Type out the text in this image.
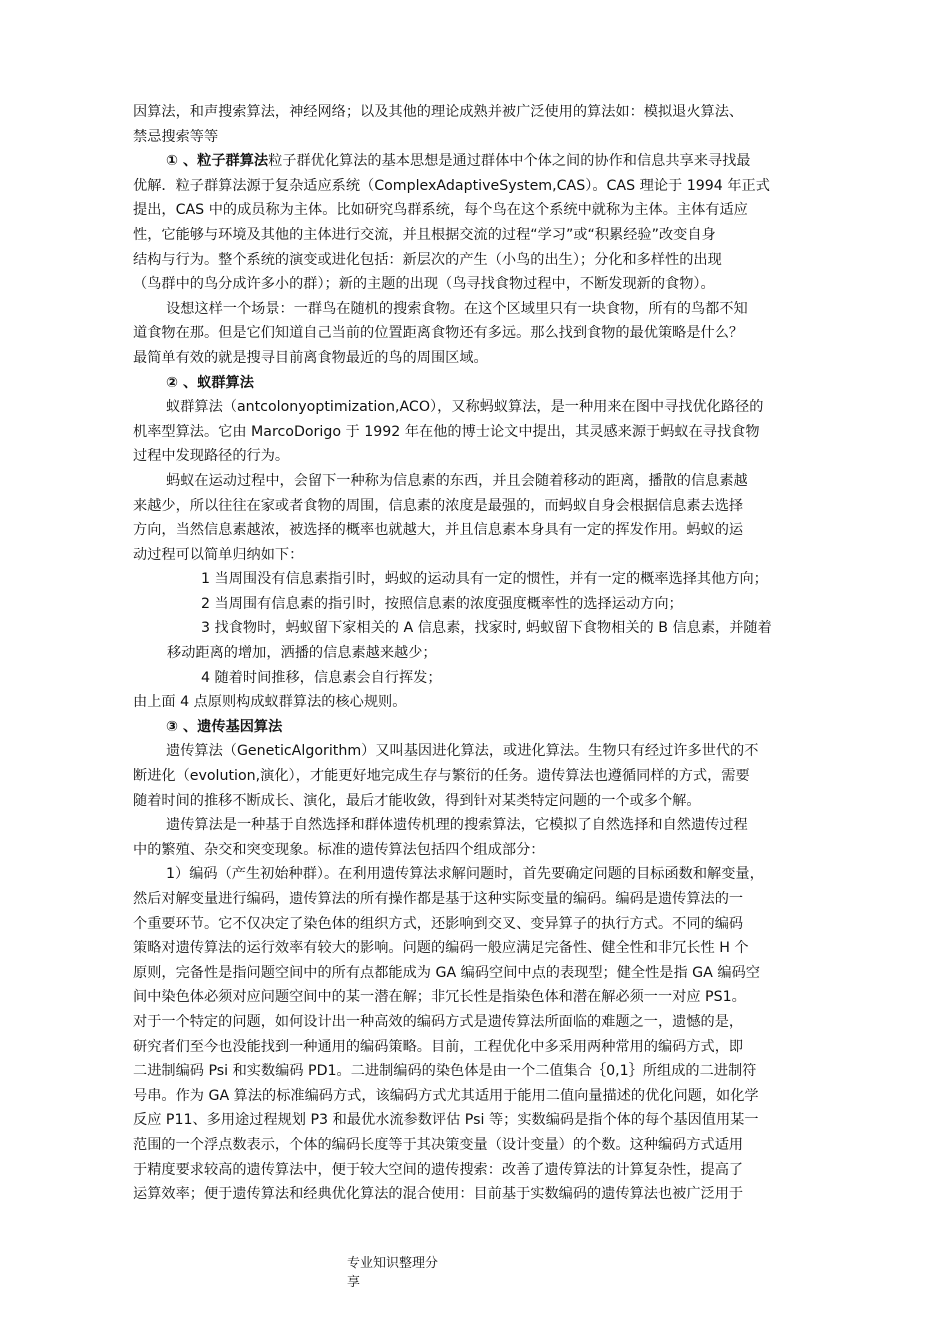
因算法，和声搜索算法，神经网络；以及其他的理论成熟并被广泛使用的算法如：模拟退火算法、
禁忌搜索等等
① 、粒子群算法粒子群优化算法的基本思想是通过群体中个体之间的协作和信息共享来寻找最
优解．粒子群算法源于复杂适应系统（ComplexAdaptiveSystem,CAS）。CAS 理论于 1994 年正式
提出，CAS 中的成员称为主体。比如研究鸟群系统，每个鸟在这个系统中就称为主体。主体有适应
性，它能够与环境及其他的主体进行交流，并且根据交流的过程“学习”或“积累经验”改变自身
结构与行为。整个系统的演变或进化包括：新层次的产生（小鸟的出生）；分化和多样性的出现
（鸟群中的鸟分成许多小的群）；新的主题的出现（鸟寻找食物过程中，不断发现新的食物）。
设想这样一个场景：一群鸟在随机的搜索食物。在这个区域里只有一块食物，所有的鸟都不知
道食物在那。但是它们知道自己当前的位置距离食物还有多远。那么找到食物的最优策略是什么？
最简单有效的就是搜寻目前离食物最近的鸟的周围区域。
② 、蚁群算法
蚁群算法（antcolonyoptimization,ACO），又称蚂蚁算法，是一种用来在图中寻找优化路径的
机率型算法。它由 MarcoDorigo 于 1992 年在他的博士论文中提出，其灵感来源于蚂蚁在寻找食物
过程中发现路径的行为。
蚂蚁在运动过程中，会留下一种称为信息素的东西，并且会随着移动的距离，播散的信息素越
来越少，所以往往在家或者食物的周围，信息素的浓度是最强的，而蚂蚁自身会根据信息素去选择
方向，当然信息素越浓，被选择的概率也就越大，并且信息素本身具有一定的挥发作用。蚂蚁的运
动过程可以简单归纳如下：
1 当周围没有信息素指引时，蚂蚁的运动具有一定的惯性，并有一定的概率选择其他方向；
2 当周围有信息素的指引时，按照信息素的浓度强度概率性的选择运动方向；
3 找食物时，蚂蚁留下家相关的 A 信息素，找家时, 蚂蚁留下食物相关的 B 信息素，并随着
移动距离的增加，洒播的信息素越来越少；
4 随着时间推移，信息素会自行挥发；
由上面 4 点原则构成蚁群算法的核心规则。
③ 、遗传基因算法
遗传算法（GeneticAlgorithm）又叫基因进化算法，或进化算法。生物只有经过许多世代的不
断进化（evolution,演化），才能更好地完成生存与繁衍的任务。遗传算法也遵循同样的方式，需要
随着时间的推移不断成长、演化，最后才能收敛，得到针对某类特定问题的一个或多个解。
遗传算法是一种基于自然选择和群体遗传机理的搜索算法，它模拟了自然选择和自然遗传过程
中的繁殖、杂交和突变现象。标准的遗传算法包括四个组成部分：
1）编码（产生初始种群）。在利用遗传算法求解问题时，首先要确定问题的目标函数和解变量，
然后对解变量进行编码，遗传算法的所有操作都是基于这种实际变量的编码。编码是遗传算法的一
个重要环节。它不仅决定了染色体的组织方式，还影响到交叉、变异算子的执行方式。不同的编码
策略对遗传算法的运行效率有较大的影响。问题的编码一般应满足完备性、健全性和非冗长性 H 个
原则，完备性是指问题空间中的所有点都能成为 GA 编码空间中点的表现型；健全性是指 GA 编码空
间中染色体必须对应问题空间中的某一潜在解；非冗长性是指染色体和潜在解必须一一对应 PS1。
对于一个特定的问题，如何设计出一种高效的编码方式是遗传算法所面临的难题之一，遗憾的是，
研究者们至今也没能找到一种通用的编码策略。目前，工程优化中多采用两种常用的编码方式，即
二进制编码 Psi 和实数编码 PD1。二进制编码的染色体是由一个二值集合｛0,1｝所组成的二进制符
号串。作为 GA 算法的标准编码方式，该编码方式尤其适用于能用二值向量描述的优化问题，如化学
反应 P11、多用途过程规划 P3 和最优水流参数评估 Psi 等；实数编码是指个体的每个基因值用某一
范围的一个浮点数表示，个体的编码长度等于其决策变量（设计变量）的个数。这种编码方式适用
于精度要求较高的遗传算法中，便于较大空间的遗传搜索：改善了遗传算法的计算复杂性，提高了
运算效率；便于遗传算法和经典优化算法的混合使用：目前基于实数编码的遗传算法也被广泛用于
专业知识整理分
享
